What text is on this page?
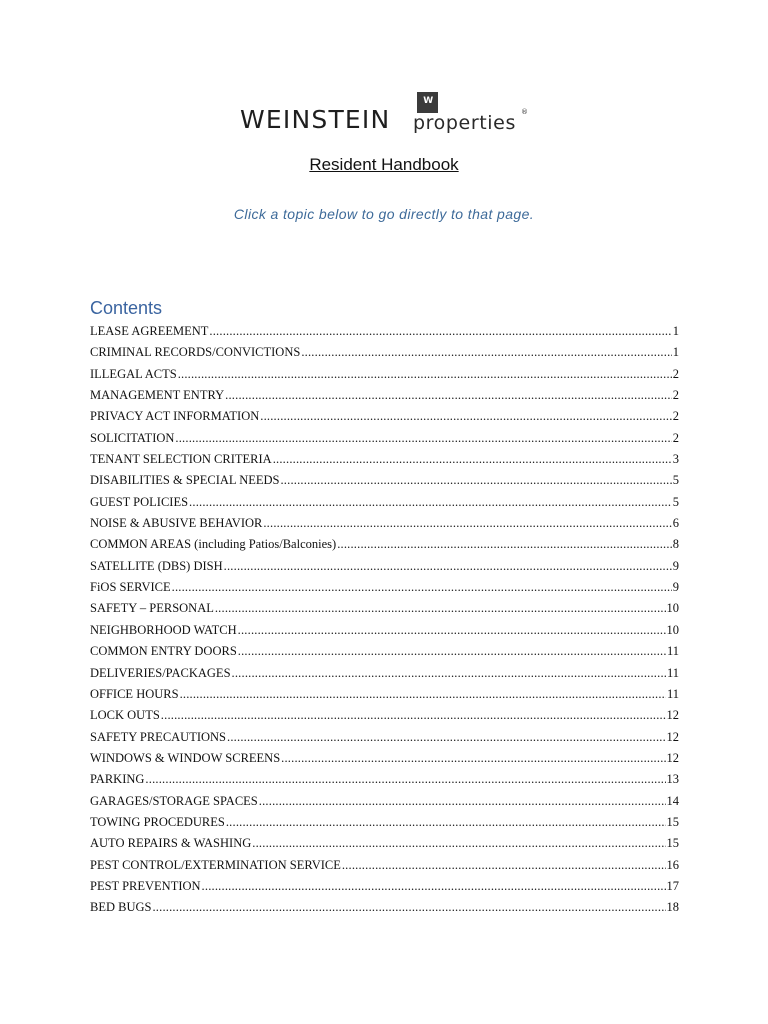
WEINSTEIN
W
properties ®
Resident Handbook
Click a topic below to go directly to that page.
Contents
LEASE AGREEMENT .....	1
CRIMINAL RECORDS/CONVICTIONS .....	1
ILLEGAL ACTS .....	2
MANAGEMENT ENTRY .....	2
PRIVACY ACT INFORMATION .....	2
SOLICITATION .....	2
TENANT SELECTION CRITERIA .....	3
DISABILITIES & SPECIAL NEEDS .....	5
GUEST POLICIES .....	5
NOISE & ABUSIVE BEHAVIOR .....	6
COMMON AREAS (including Patios/Balconies) .....	8
SATELLITE (DBS) DISH .....	9
FiOS SERVICE .....	9
SAFETY – PERSONAL .....	10
NEIGHBORHOOD WATCH .....	10
COMMON ENTRY DOORS .....	11
DELIVERIES/PACKAGES .....	11
OFFICE HOURS .....	11
LOCK OUTS .....	12
SAFETY PRECAUTIONS .....	12
WINDOWS & WINDOW SCREENS .....	12
PARKING .....	13
GARAGES/STORAGE SPACES .....	14
TOWING PROCEDURES .....	15
AUTO REPAIRS & WASHING .....	15
PEST CONTROL/EXTERMINATION SERVICE .....	16
PEST PREVENTION .....	17
BED BUGS .....	18
